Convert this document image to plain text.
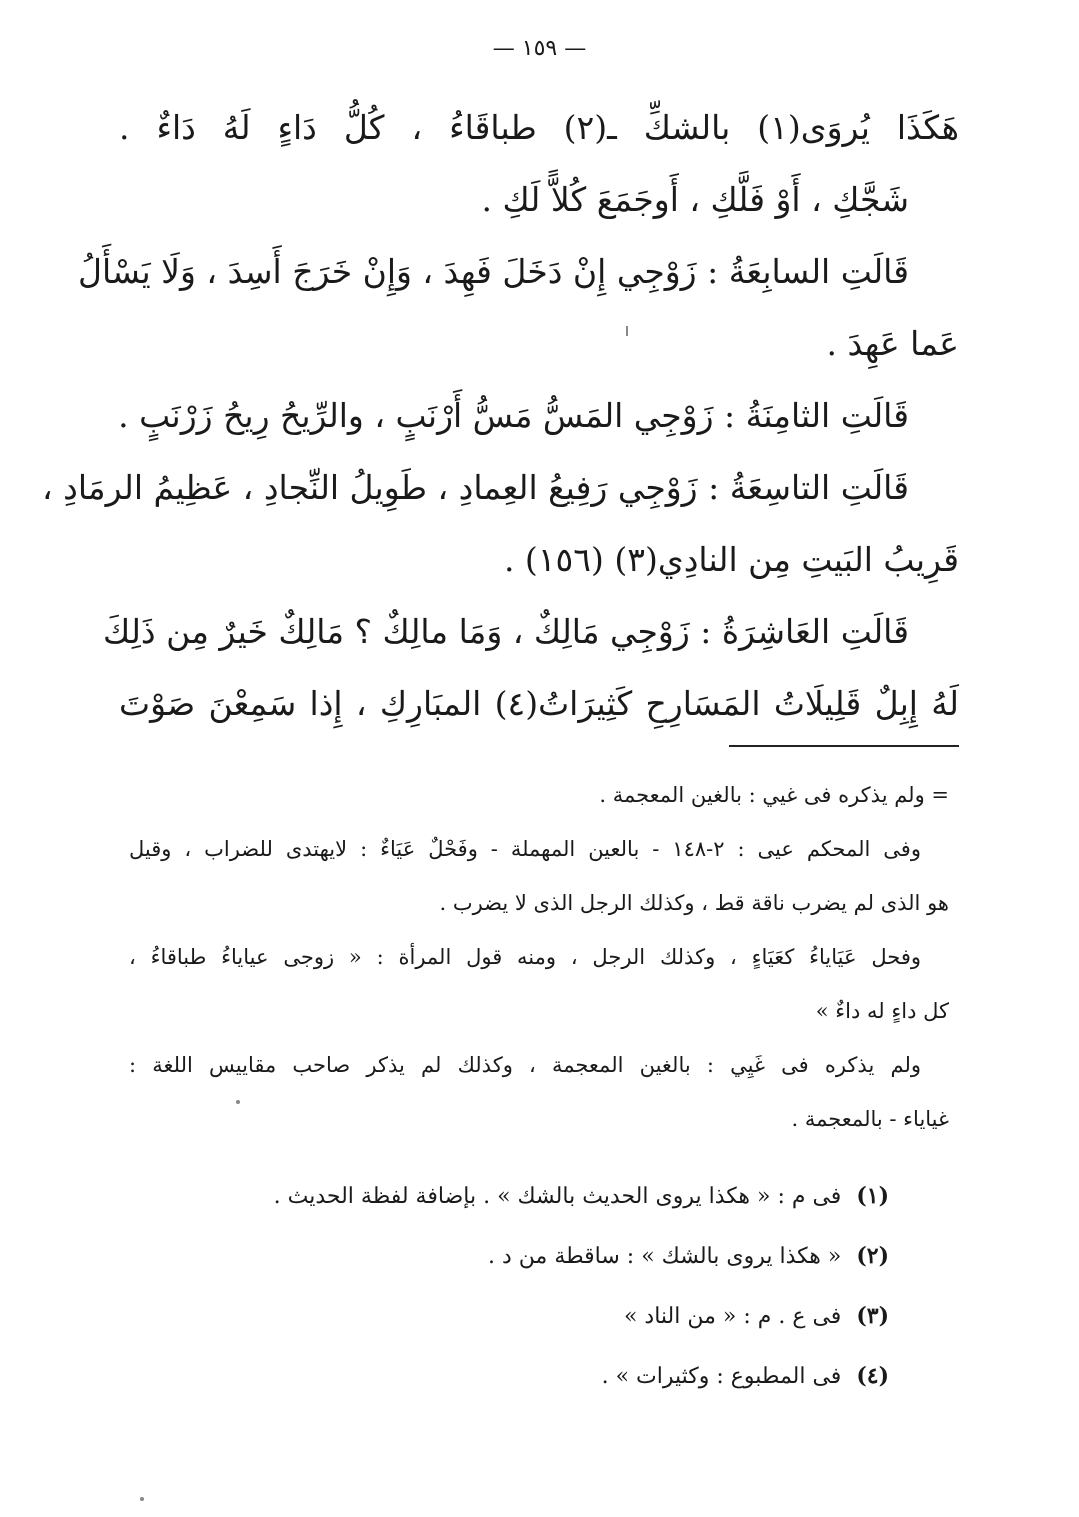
— ١٥٩ —
هَكَذَا يُروَى(١) بالشكِّ ـ(٢) طباقَاءُ ، كُلُّ دَاءٍ لَهُ دَاءٌ .
شَجَّكِ ، أَوْ فَلَّكِ ، أَوجَمَعَ كُلاًّ لَكِ .
قَالَتِ السابِعَةُ : زَوْجِي إِنْ دَخَلَ فَهِدَ ، وَإِنْ خَرَجَ أَسِدَ ، وَلَا يَسْأَلُ
عَما عَهِدَ .
قَالَتِ الثامِنَةُ : زَوْجِي المَسُّ مَسُّ أَرْنَبٍ ، والرِّيحُ رِيحُ زَرْنَبٍ .
قَالَتِ التاسِعَةُ : زَوْجِي رَفِيعُ العِمادِ ، طَوِيلُ النِّجادِ ، عَظِيمُ الرمَادِ ،
قَرِيبُ البَيتِ مِن النادِي(٣) (١٥٦) .
قَالَتِ العَاشِرَةُ : زَوْجِي مَالِكٌ ، وَمَا مالِكٌ ؟ مَالِكٌ خَيرٌ مِن ذَلِكَ
لَهُ إِبِلٌ قَلِيلَاتُ المَسَارِحِ كَثِيرَاتُ(٤) المبَارِكِ ، إِذا سَمِعْنَ صَوْتَ
= ولم يذكره فى غيي : بالغين المعجمة .
وفى المحكم عيى : ٢-١٤٨ - بالعين المهملة - وفَحْلٌ عَيَاءٌ : لايهتدى للضراب ، وقيل
هو الذى لم يضرب ناقة قط ، وكذلك الرجل الذى لا يضرب .
وفحل عَيَاياءُ كعَيَاءٍ ، وكذلك الرجل ، ومنه قول المرأة : « زوجى عياياءُ طباقاءُ ،
كل داءٍ له داءٌ »
ولم يذكره فى غَيِي : بالغين المعجمة ، وكذلك لم يذكر صاحب مقاييس اللغة :
غياياء - بالمعجمة .
(١) فى م : « هكذا يروى الحديث بالشك » . بإضافة لفظة الحديث .
(٢) « هكذا يروى بالشك » : ساقطة من د .
(٣) فى ع . م : « من الناد »
(٤) فى المطبوع : وكثيرات » .
